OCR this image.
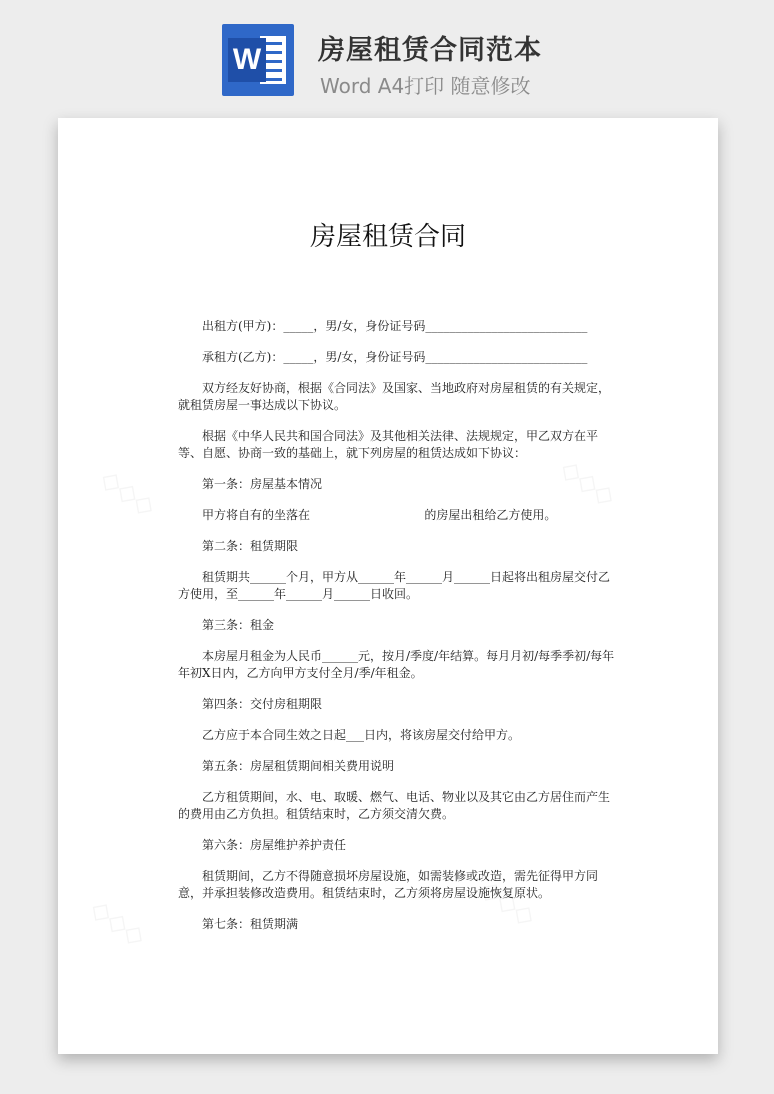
W 房屋租赁合同范本
Word A4打印 随意修改
◇◇◇	◇◇◇
◇◇◇	◇◇◇
房屋租赁合同

出租方(甲方)：_____，男/女，身份证号码___________________________

承租方(乙方)：_____，男/女，身份证号码___________________________

双方经友好协商，根据《合同法》及国家、当地政府对房屋租赁的有关规定，就租赁房屋一事达成以下协议。

根据《中华人民共和国合同法》及其他相关法律、法规规定，甲乙双方在平等、自愿、协商一致的基础上，就下列房屋的租赁达成如下协议：

第一条：房屋基本情况

甲方将自有的坐落在                              的房屋出租给乙方使用。

第二条：租赁期限

租赁期共______个月，甲方从______年______月______日起将出租房屋交付乙方使用，至______年______月______日收回。

第三条：租金

本房屋月租金为人民币______元，按月/季度/年结算。每月月初/每季季初/每年年初Ⅹ日内，乙方向甲方支付全月/季/年租金。

第四条：交付房租期限

乙方应于本合同生效之日起___日内，将该房屋交付给甲方。

第五条：房屋租赁期间相关费用说明

乙方租赁期间，水、电、取暖、燃气、电话、物业以及其它由乙方居住而产生的费用由乙方负担。租赁结束时，乙方须交清欠费。

第六条：房屋维护养护责任

租赁期间，乙方不得随意损坏房屋设施，如需装修或改造，需先征得甲方同意，并承担装修改造费用。租赁结束时，乙方须将房屋设施恢复原状。

第七条：租赁期满
